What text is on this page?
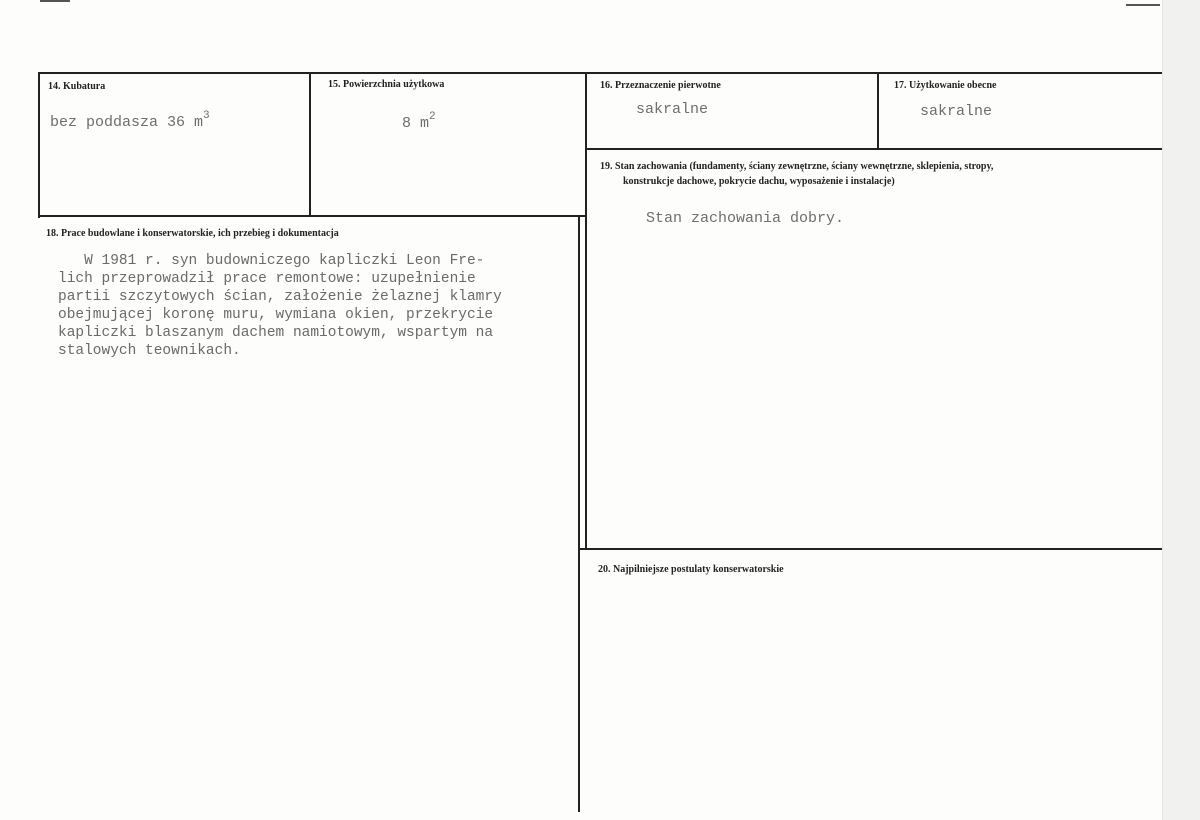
14. Kubatura
bez poddasza 36 $m^3$
15. Powierzchnia użytkowa
8 $m^2$
16. Przeznaczenie pierwotne
sakralne
17. Użytkowanie obecne
sakralne
18. Prace budowlane i konserwatorskie, ich przebieg i dokumentacja
W 1981 r. syn budowniczego kapliczki Leon Fre-
lich przeprowadził prace remontowe: uzupełnienie
partii szczytowych ścian, założenie żelaznej klamry
obejmującej koronę muru, wymiana okien, przekrycie
kapliczki blaszanym dachem namiotowym, wspartym na
stalowych teownikach.
19. Stan zachowania (fundamenty, ściany zewnętrzne, ściany wewnętrzne, sklepienia, stropy,
konstrukcje dachowe, pokrycie dachu, wyposażenie i instalacje)
Stan zachowania dobry.
20. Najpilniejsze postulaty konserwatorskie
